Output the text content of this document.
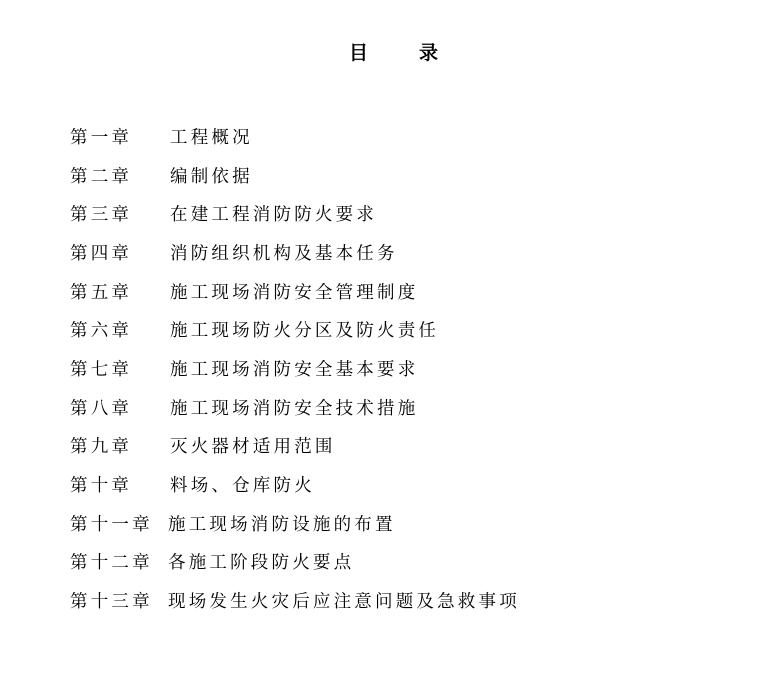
目	录
第一章	工程概况
第二章	编制依据
第三章	在建工程消防防火要求
第四章	消防组织机构及基本任务
第五章	施工现场消防安全管理制度
第六章	施工现场防火分区及防火责任
第七章	施工现场消防安全基本要求
第八章	施工现场消防安全技术措施
第九章	灭火器材适用范围
第十章	料场、仓库防火
第十一章 施工现场消防设施的布置
第十二章 各施工阶段防火要点
第十三章 现场发生火灾后应注意问题及急救事项
